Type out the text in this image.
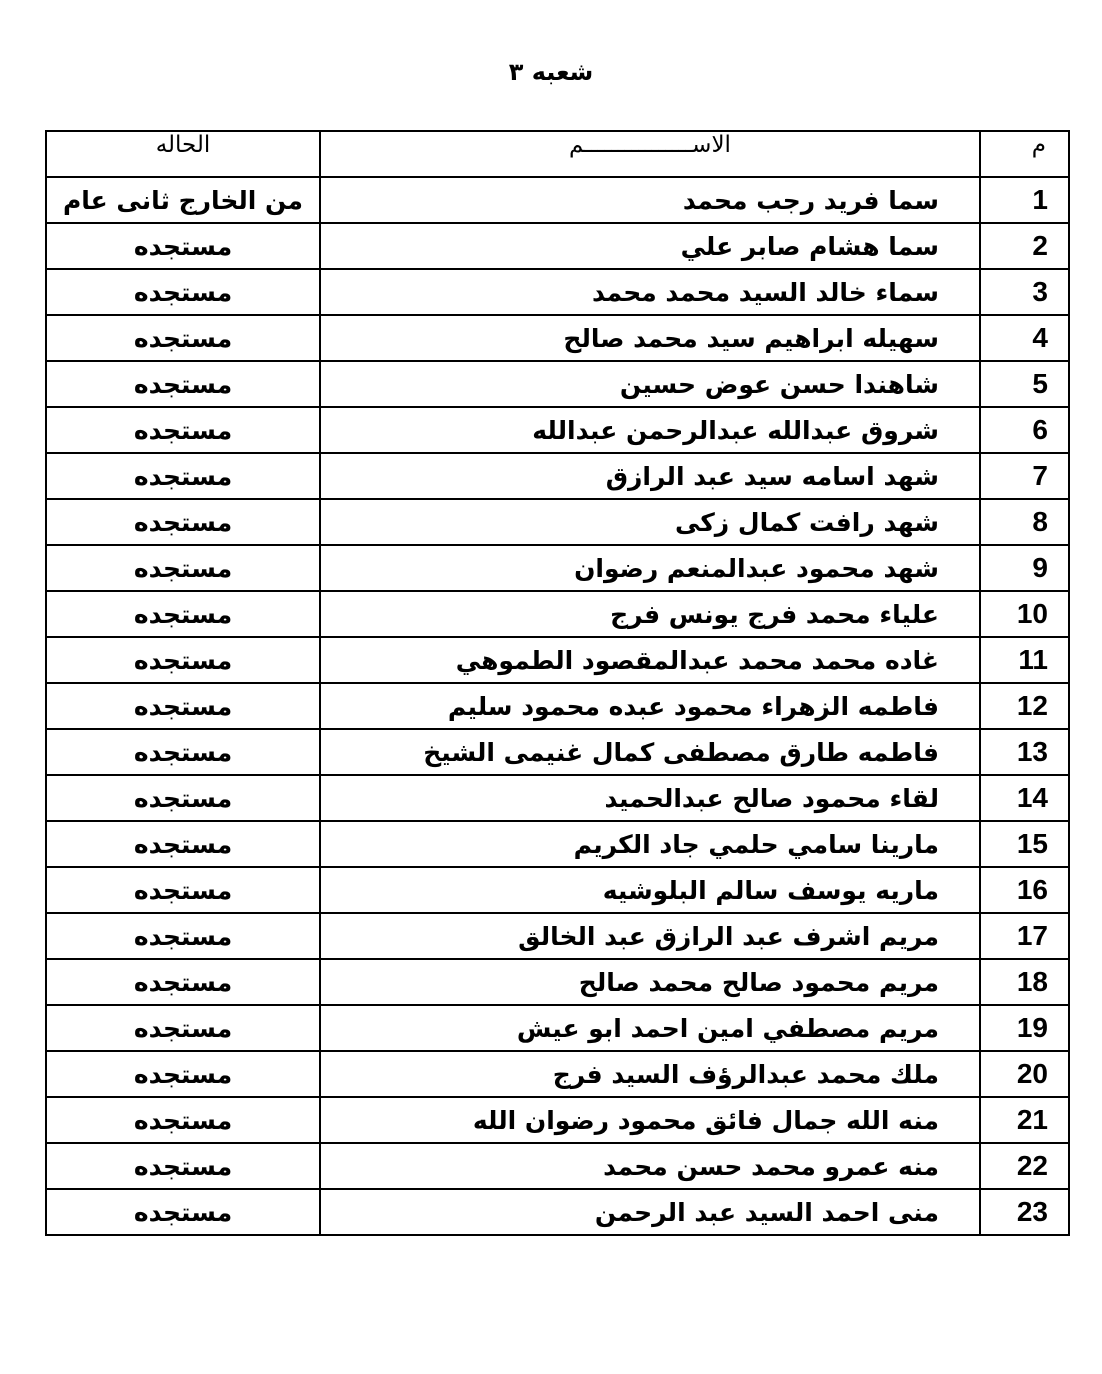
شعبه ٣
الحاله	الاســــــــــــــــم	م
من الخارج ثانى عام	سما فريد رجب محمد	1
مستجده	سما هشام صابر علي	2
مستجده	سماء خالد السيد محمد محمد	3
مستجده	سهيله ابراهيم سيد محمد صالح	4
مستجده	شاهندا حسن عوض حسين	5
مستجده	شروق عبدالله عبدالرحمن عبدالله	6
مستجده	شهد اسامه سيد عبد الرازق	7
مستجده	شهد رافت كمال زكى	8
مستجده	شهد محمود عبدالمنعم رضوان	9
مستجده	علياء محمد فرج يونس فرج	10
مستجده	غاده محمد محمد عبدالمقصود الطموهي	11
مستجده	فاطمه الزهراء محمود عبده محمود سليم	12
مستجده	فاطمه طارق مصطفى كمال غنيمى الشيخ	13
مستجده	لقاء محمود صالح عبدالحميد	14
مستجده	مارينا سامي حلمي جاد الكريم	15
مستجده	ماريه يوسف سالم البلوشيه	16
مستجده	مريم اشرف عبد الرازق عبد الخالق	17
مستجده	مريم محمود صالح محمد صالح	18
مستجده	مريم مصطفي امين احمد ابو عيش	19
مستجده	ملك محمد عبدالرؤف السيد فرج	20
مستجده	منه الله جمال فائق محمود رضوان الله	21
مستجده	منه عمرو محمد حسن محمد	22
مستجده	منى احمد السيد عبد الرحمن	23
